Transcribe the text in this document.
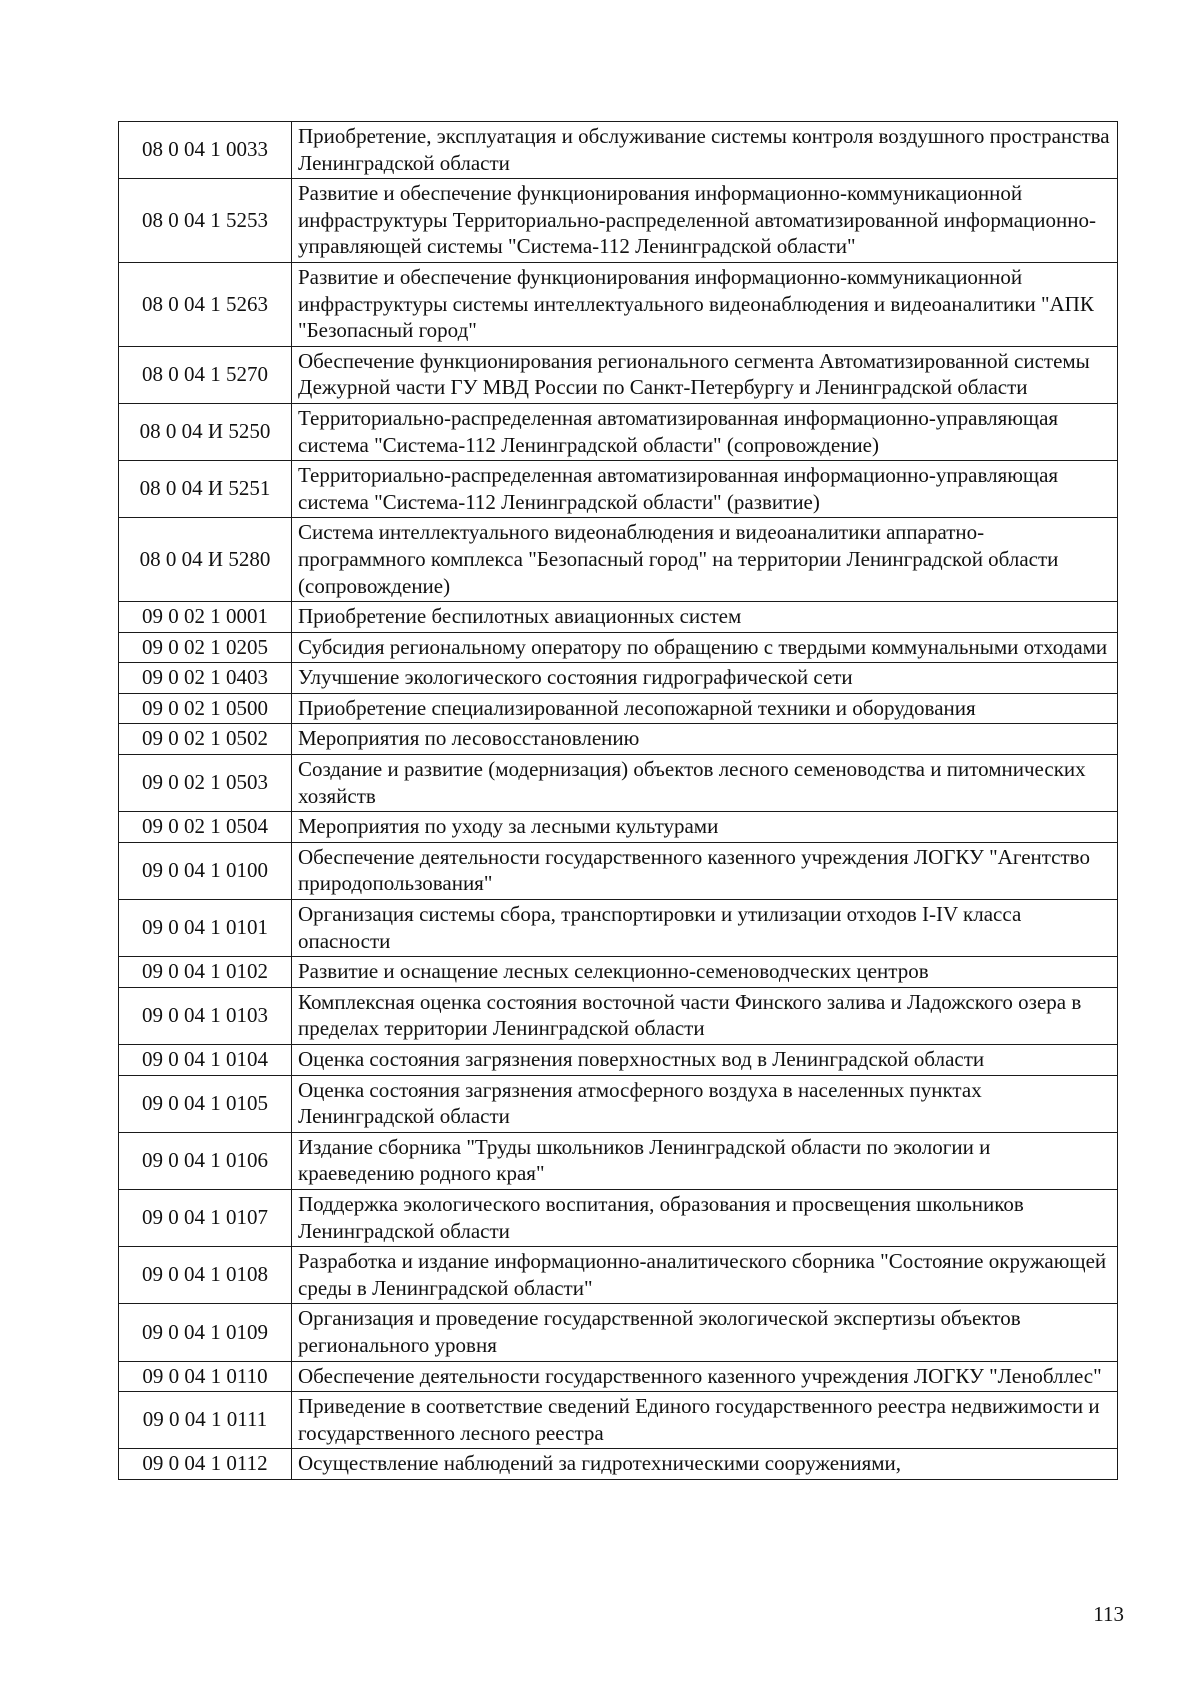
08 0 04 1 0033	Приобретение, эксплуатация и обслуживание системы контроля воздушного пространства Ленинградской области
08 0 04 1 5253	Развитие и обеспечение функционирования информационно-коммуникационной инфраструктуры Территориально-распределенной автоматизированной информационно-управляющей системы "Система-112 Ленинградской области"
08 0 04 1 5263	Развитие и обеспечение функционирования информационно-коммуникационной инфраструктуры системы интеллектуального видеонаблюдения и видеоаналитики "АПК "Безопасный город"
08 0 04 1 5270	Обеспечение функционирования регионального сегмента Автоматизированной системы Дежурной части ГУ МВД России по Санкт-Петербургу и Ленинградской области
08 0 04 И 5250	Территориально-распределенная автоматизированная информационно-управляющая система "Система-112 Ленинградской области" (сопровождение)
08 0 04 И 5251	Территориально-распределенная автоматизированная информационно-управляющая система "Система-112 Ленинградской области" (развитие)
08 0 04 И 5280	Система интеллектуального видеонаблюдения и видеоаналитики аппаратно-программного комплекса "Безопасный город" на территории Ленинградской области (сопровождение)
09 0 02 1 0001	Приобретение беспилотных авиационных систем
09 0 02 1 0205	Субсидия региональному оператору по обращению с твердыми коммунальными отходами
09 0 02 1 0403	Улучшение экологического состояния гидрографической сети
09 0 02 1 0500	Приобретение специализированной лесопожарной техники и оборудования
09 0 02 1 0502	Мероприятия по лесовосстановлению
09 0 02 1 0503	Создание и развитие (модернизация) объектов лесного семеноводства и питомнических хозяйств
09 0 02 1 0504	Мероприятия по уходу за лесными культурами
09 0 04 1 0100	Обеспечение деятельности государственного казенного учреждения ЛОГКУ "Агентство природопользования"
09 0 04 1 0101	Организация системы сбора, транспортировки и утилизации отходов I-IV класса опасности
09 0 04 1 0102	Развитие и оснащение лесных селекционно-семеноводческих центров
09 0 04 1 0103	Комплексная оценка состояния восточной части Финского залива и Ладожского озера в пределах территории Ленинградской области
09 0 04 1 0104	Оценка состояния загрязнения поверхностных вод в Ленинградской области
09 0 04 1 0105	Оценка состояния загрязнения атмосферного воздуха в населенных пунктах Ленинградской области
09 0 04 1 0106	Издание сборника "Труды школьников Ленинградской области по экологии и краеведению родного края"
09 0 04 1 0107	Поддержка экологического воспитания, образования и просвещения школьников Ленинградской области
09 0 04 1 0108	Разработка и издание информационно-аналитического сборника "Состояние окружающей среды в Ленинградской области"
09 0 04 1 0109	Организация и проведение государственной экологической экспертизы объектов регионального уровня
09 0 04 1 0110	Обеспечение деятельности государственного казенного учреждения ЛОГКУ "Ленобллес"
09 0 04 1 0111	Приведение в соответствие сведений Единого государственного реестра недвижимости и государственного лесного реестра
09 0 04 1 0112	Осуществление наблюдений за гидротехническими сооружениями,
113
